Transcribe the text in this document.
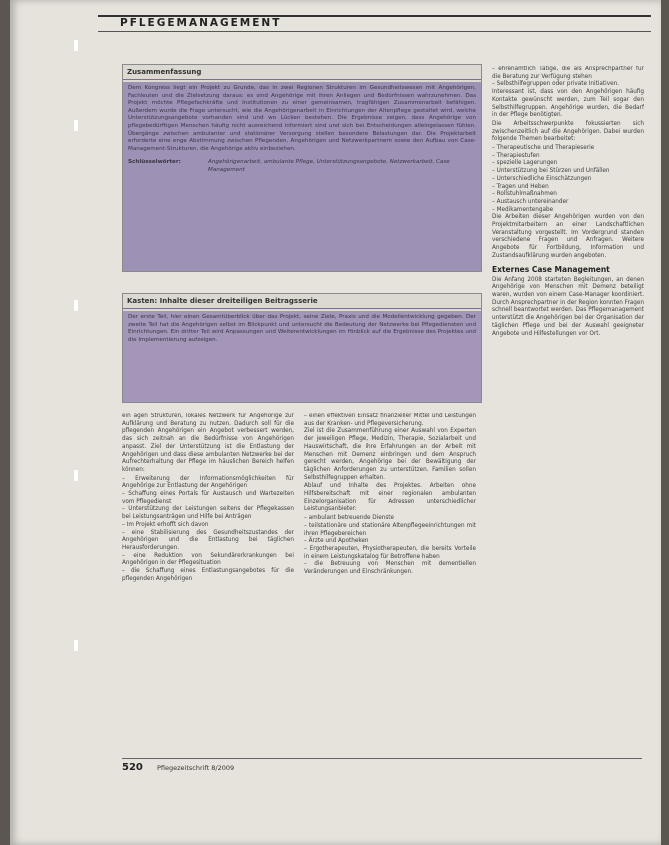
PFLEGEMANAGEMENT
Zusammenfassung
Dem Kongress liegt ein Projekt zu Grunde, das in zwei Regionen Strukturen im Gesundheitswesen mit Angehörigen, Fachleuten und die Zielsetzung daraus: es sind Angehörige mit ihren Anliegen und Bedürfnissen wahrzunehmen. Das Projekt möchte Pflegefachkräfte und Institutionen zu einer gemeinsamen, tragfähigen Zusammenarbeit befähigen. Außerdem wurde die Frage untersucht, wie die Angehörigenarbeit in Einrichtungen der Altenpflege gestaltet wird, welche Unterstützungsangebote vorhanden sind und wo Lücken bestehen. Die Ergebnisse zeigen, dass Angehörige von pflegebedürftigen Menschen häufig nicht ausreichend informiert sind und sich bei Entscheidungen alleingelassen fühlen. Übergänge zwischen ambulanter und stationärer Versorgung stellen besondere Belastungen dar. Die Projektarbeit erforderte eine enge Abstimmung zwischen Pflegenden, Angehörigen und Netzwerkpartnern sowie den Aufbau von Case-Management-Strukturen, die Angehörige aktiv einbeziehen.
Schlüsselwörter:	Angehörigenarbeit, ambulante Pflege, Unterstützungsangebote, Netzwerkarbeit, Case Management
Kasten: Inhalte dieser dreiteiligen Beitragsserie
Der erste Teil, hier einen Gesamtüberblick über das Projekt, seine Ziele, Praxis und die Modellentwicklung gegeben. Der zweite Teil hat die Angehörigen selbst im Blickpunkt und untersucht die Bedeutung der Netzwerke bei Pflegediensten und Einrichtungen. Ein dritter Teil wird Anpassungen und Weiterentwicklungen im Hinblick auf die Ergebnisse des Projektes und die Implementierung aufzeigen.

ein agen Strukturen, lokales Netzwerk für Angehörige zur Aufklärung und Beratung zu nutzen. Dadurch soll für die pflegenden Angehörigen ein Angebot verbessert werden, das sich zeitnah an die Bedürfnisse von Angehörigen anpasst. Ziel der Unterstützung ist die Entlastung der Angehörigen und dass diese ambulanten Netzwerke bei der Aufrechterhaltung der Pflege im häuslichen Bereich helfen können:

– Erweiterung der Informationsmöglichkeiten für Angehörige zur Entlastung der Angehörigen
– Schaffung eines Portals für Austausch und Wartezeiten vom Pflegedienst
– Unterstützung der Leistungen seitens der Pflegekassen bei Leistungsanträgen und Hilfe bei Anträgen
– Im Projekt erhofft sich davon
– eine Stabilisierung des Gesundheitszustandes der Angehörigen und die Entlastung bei täglichen Herausforderungen.
– eine Reduktion von Sekundärerkrankungen bei Angehörigen in der Pflegesituation
– die Schaffung eines Entlastungsangebotes für die pflegenden Angehörigen
– einen effektiven Einsatz finanzieller Mittel und Leistungen aus der Kranken- und Pflegeversicherung.

Ziel ist die Zusammenführung einer Auswahl von Experten der jeweiligen Pflege, Medizin, Therapie, Sozialarbeit und Hauswirtschaft, die ihre Erfahrungen an der Arbeit mit Menschen mit Demenz einbringen und dem Anspruch gerecht werden, Angehörige bei der Bewältigung der täglichen Anforderungen zu unterstützen. Familien sollen Selbsthilfegruppen erhalten.

Ablauf und Inhalte des Projektes. Arbeiten ohne Hilfsbereitschaft mit einer regionalen ambulanten Einzelorganisation für Adressen unterschiedlicher Leistungsanbieter:

– ambulant betreuende Dienste
– teilstationäre und stationäre Altenpflegeeinrichtungen mit ihren Pflegebereichen
– Ärzte und Apotheken
– Ergotherapeuten, Physiotherapeuten, die bereits Vorteile in einem Leistungskatalog für Betroffene haben
– die Betreuung von Menschen mit dementiellen Veränderungen und Einschränkungen.
– ehrenamtlich Tätige, die als Ansprechpartner für die Beratung zur Verfügung stehen
– Selbsthilfegruppen oder private Initiativen.

Interessant ist, dass von den Angehörigen häufig Kontakte gewünscht werden, zum Teil sogar den Selbsthilfegruppen. Angehörige wurden, die Bedarf in der Pflege benötigten.

Die Arbeitsschwerpunkte fokussierten sich zwischenzeitlich auf die Angehörigen. Dabei wurden folgende Themen bearbeitet:

– Therapeutische und Therapieserie
– Therapiestufen
– spezielle Lagerungen
– Unterstützung bei Stürzen und Unfällen
– Unterschiedliche Einschätzungen
– Tragen und Heben
– Rollstuhlmaßnahmen
– Austausch untereinander
– Medikamentengabe

Die Arbeiten dieser Angehörigen wurden von den Projektmitarbeitern an einer Landschaftlichen Veranstaltung vorgestellt. Im Vordergrund standen verschiedene Fragen und Anfragen. Weitere Angebote für Fortbildung, Information und Zustandsaufklärung wurden angeboten.

Externes Case Management

Die Anfang 2008 starteten Begleitungen, an denen Angehörige von Menschen mit Demenz beteiligt waren, wurden von einem Case-Manager koordiniert. Durch Ansprechpartner in der Region konnten Fragen schnell beantwortet werden. Das Pflegemanagement unterstützt die Angehörigen bei der Organisation der täglichen Pflege und bei der Auswahl geeigneter Angebote und Hilfestellungen vor Ort.

520 Pflegezeitschrift 8/2009
